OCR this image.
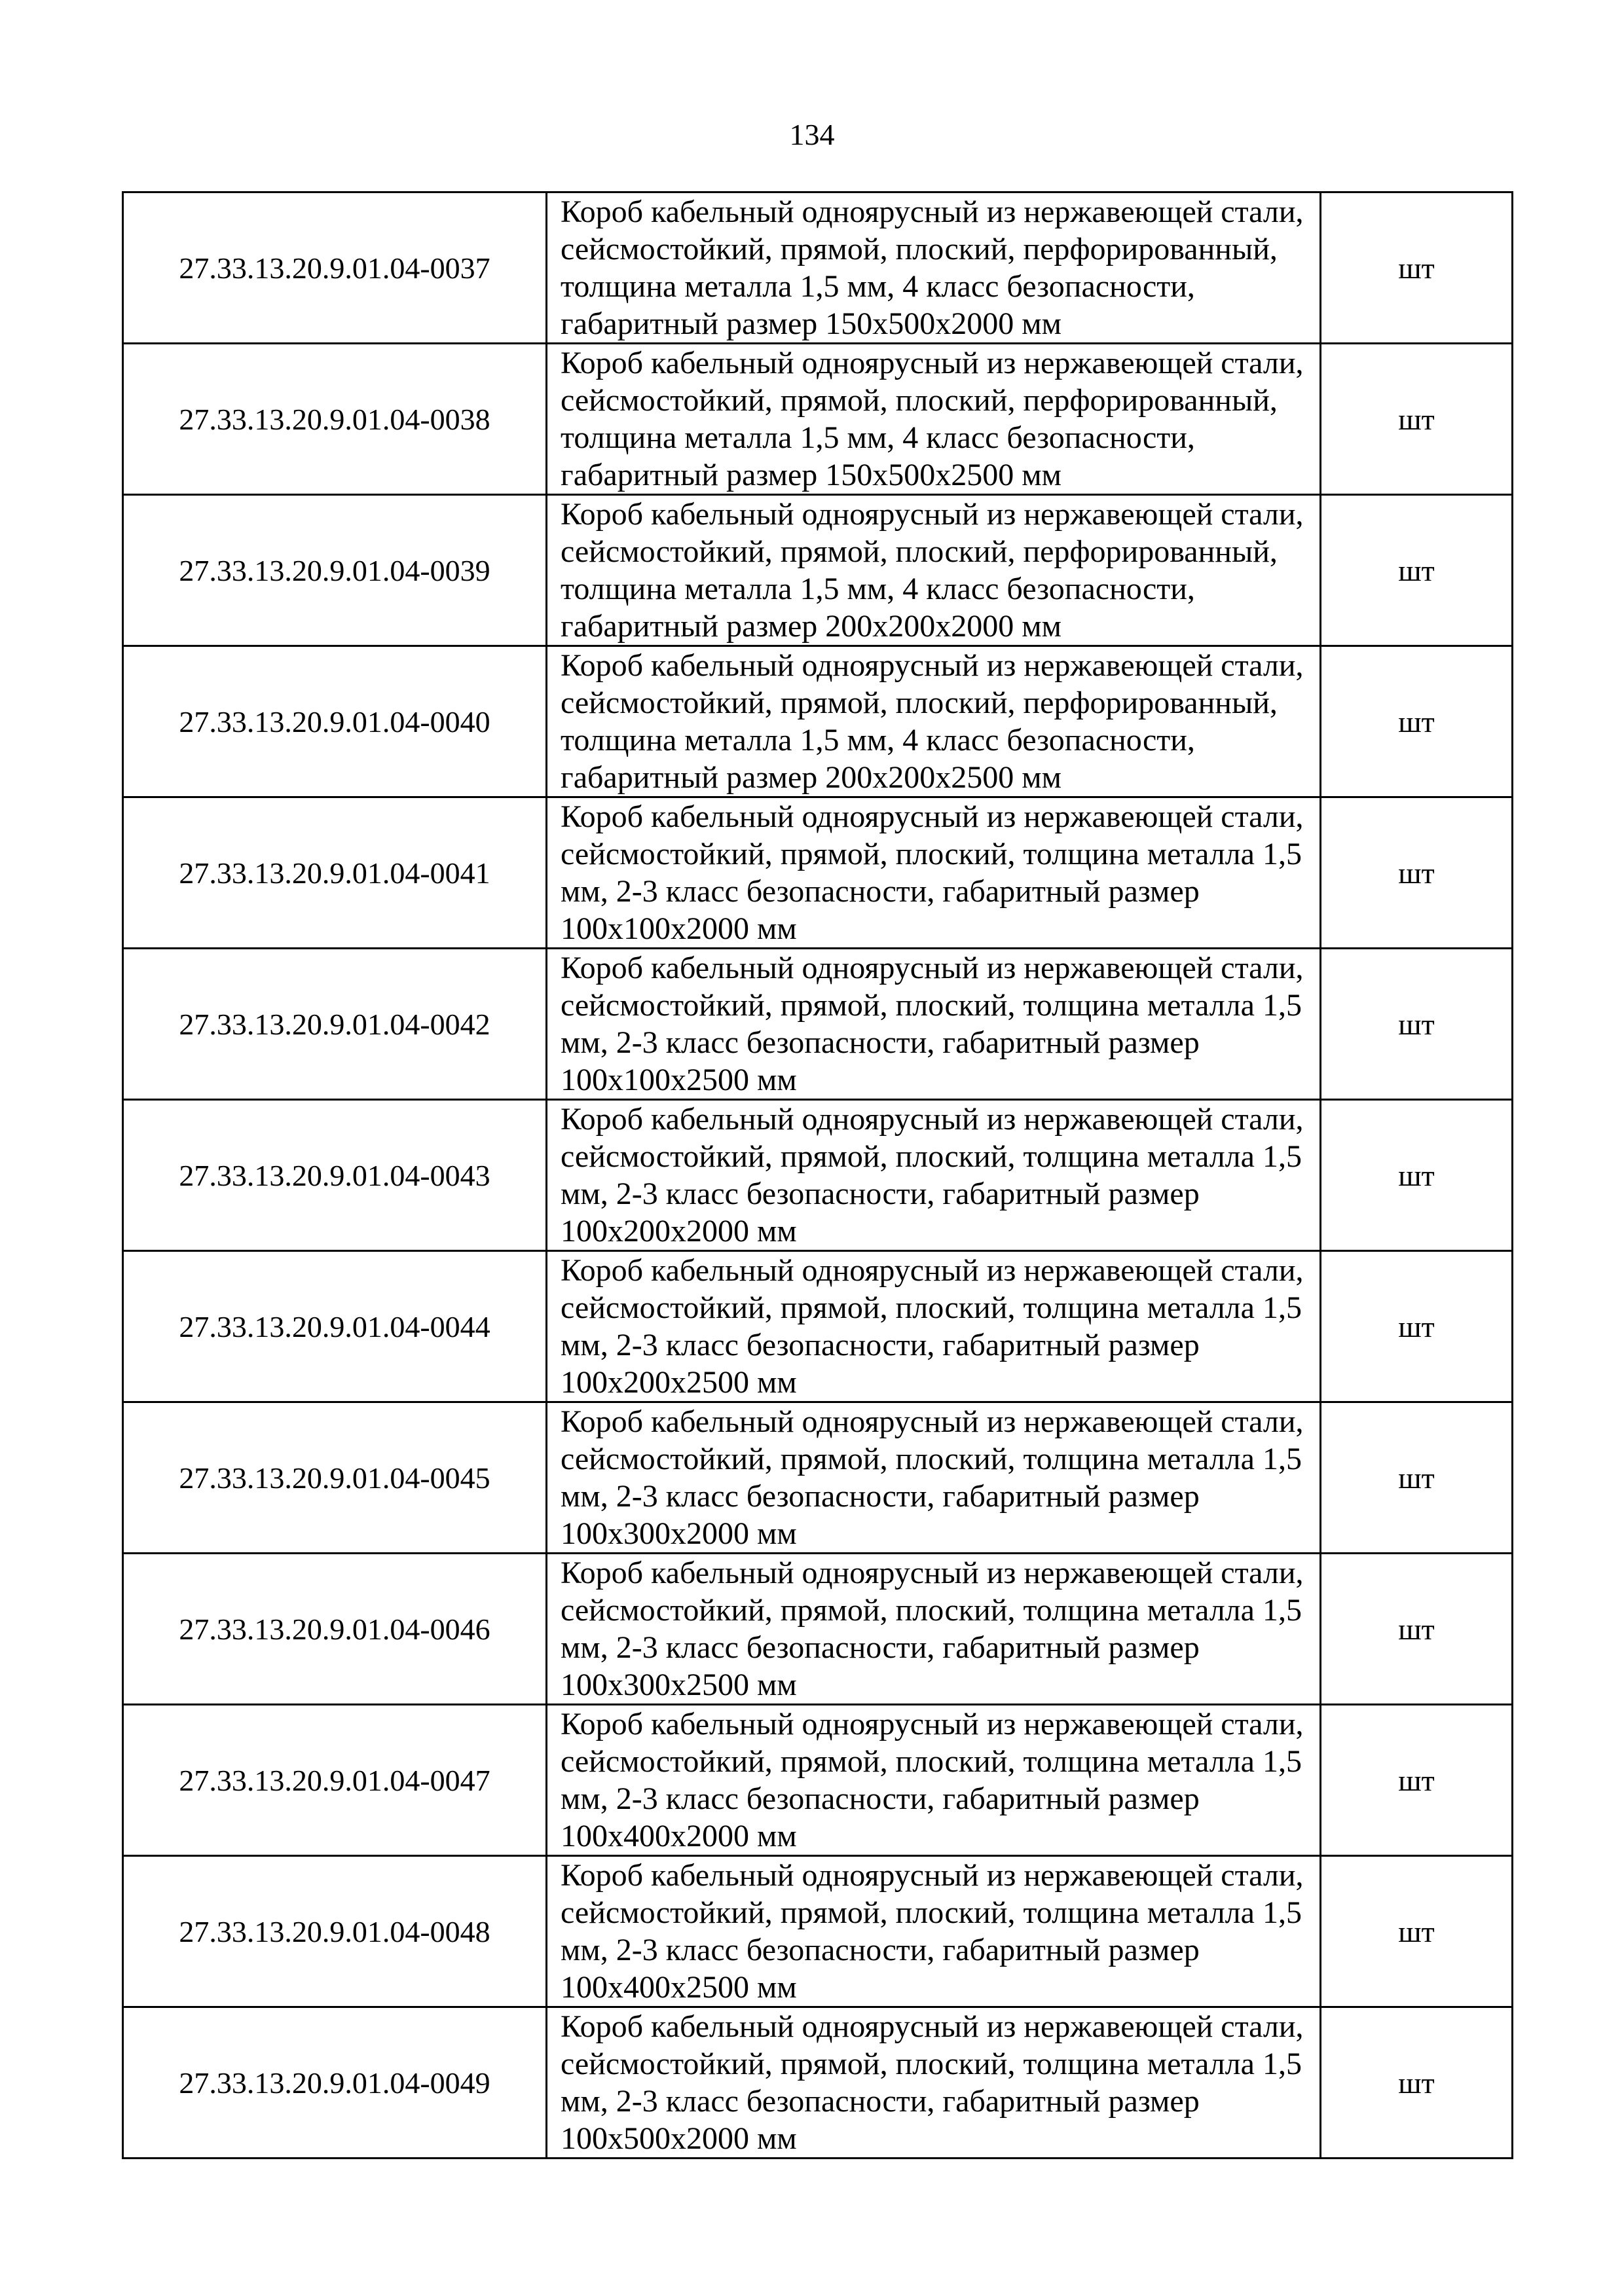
134
27.33.13.20.9.01.04-0037	Короб кабельный одноярусный из нержавеющей стали, сейсмостойкий, прямой, плоский, перфорированный, толщина металла 1,5 мм, 4 класс безопасности, габаритный размер 150х500х2000 мм	шт
27.33.13.20.9.01.04-0038	Короб кабельный одноярусный из нержавеющей стали, сейсмостойкий, прямой, плоский, перфорированный, толщина металла 1,5 мм, 4 класс безопасности, габаритный размер 150х500х2500 мм	шт
27.33.13.20.9.01.04-0039	Короб кабельный одноярусный из нержавеющей стали, сейсмостойкий, прямой, плоский, перфорированный, толщина металла 1,5 мм, 4 класс безопасности, габаритный размер 200х200х2000 мм	шт
27.33.13.20.9.01.04-0040	Короб кабельный одноярусный из нержавеющей стали, сейсмостойкий, прямой, плоский, перфорированный, толщина металла 1,5 мм, 4 класс безопасности, габаритный размер 200х200х2500 мм	шт
27.33.13.20.9.01.04-0041	Короб кабельный одноярусный из нержавеющей стали, сейсмостойкий, прямой, плоский, толщина металла 1,5 мм, 2-3 класс безопасности, габаритный размер 100х100х2000 мм	шт
27.33.13.20.9.01.04-0042	Короб кабельный одноярусный из нержавеющей стали, сейсмостойкий, прямой, плоский, толщина металла 1,5 мм, 2-3 класс безопасности, габаритный размер 100х100х2500 мм	шт
27.33.13.20.9.01.04-0043	Короб кабельный одноярусный из нержавеющей стали, сейсмостойкий, прямой, плоский, толщина металла 1,5 мм, 2-3 класс безопасности, габаритный размер 100х200х2000 мм	шт
27.33.13.20.9.01.04-0044	Короб кабельный одноярусный из нержавеющей стали, сейсмостойкий, прямой, плоский, толщина металла 1,5 мм, 2-3 класс безопасности, габаритный размер 100х200х2500 мм	шт
27.33.13.20.9.01.04-0045	Короб кабельный одноярусный из нержавеющей стали, сейсмостойкий, прямой, плоский, толщина металла 1,5 мм, 2-3 класс безопасности, габаритный размер 100х300х2000 мм	шт
27.33.13.20.9.01.04-0046	Короб кабельный одноярусный из нержавеющей стали, сейсмостойкий, прямой, плоский, толщина металла 1,5 мм, 2-3 класс безопасности, габаритный размер 100х300х2500 мм	шт
27.33.13.20.9.01.04-0047	Короб кабельный одноярусный из нержавеющей стали, сейсмостойкий, прямой, плоский, толщина металла 1,5 мм, 2-3 класс безопасности, габаритный размер 100х400х2000 мм	шт
27.33.13.20.9.01.04-0048	Короб кабельный одноярусный из нержавеющей стали, сейсмостойкий, прямой, плоский, толщина металла 1,5 мм, 2-3 класс безопасности, габаритный размер 100х400х2500 мм	шт
27.33.13.20.9.01.04-0049	Короб кабельный одноярусный из нержавеющей стали, сейсмостойкий, прямой, плоский, толщина металла 1,5 мм, 2-3 класс безопасности, габаритный размер 100х500х2000 мм	шт
